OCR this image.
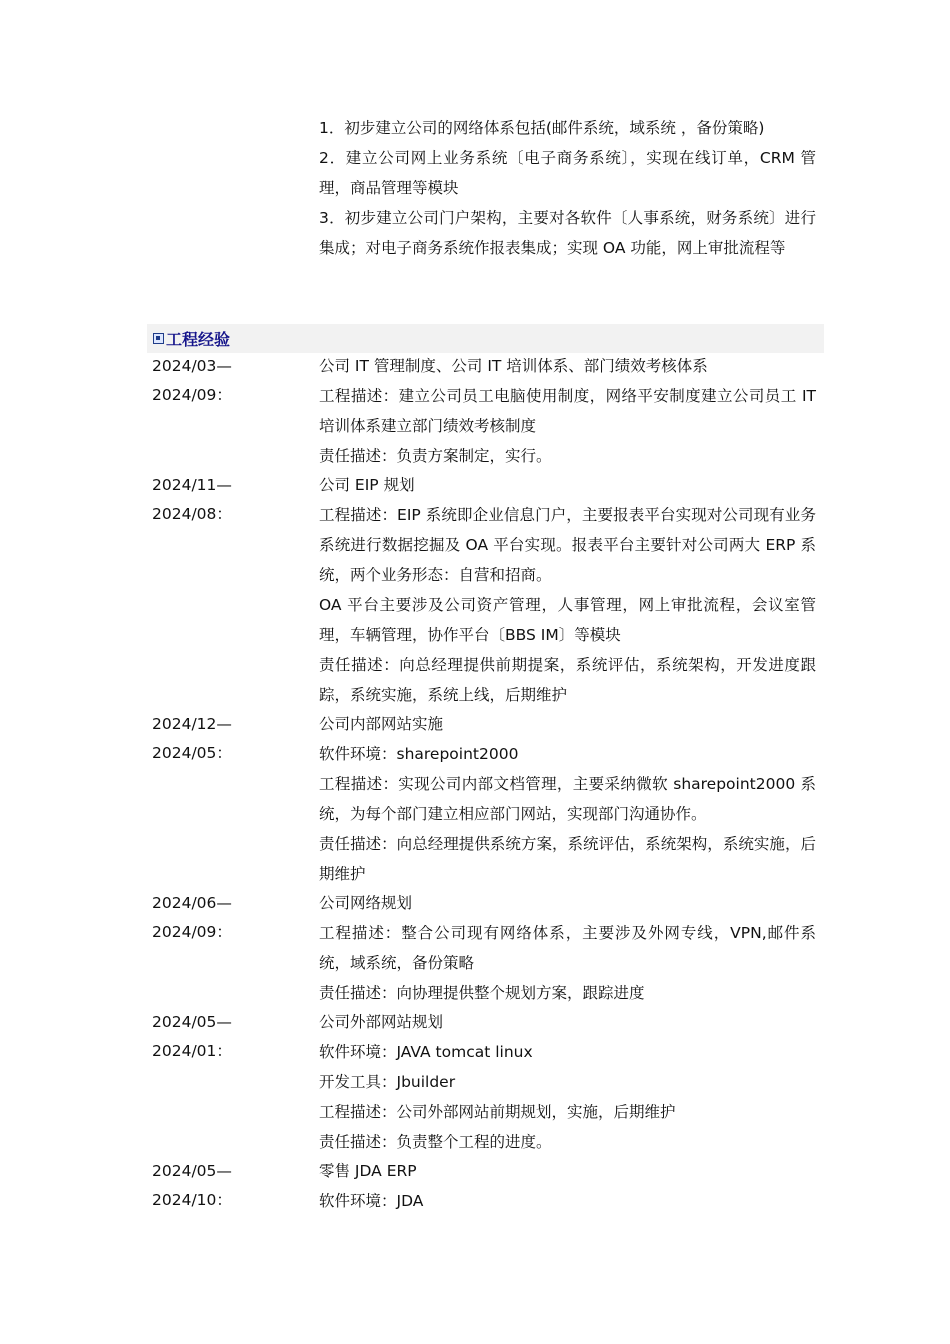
1．初步建立公司的网络体系包括(邮件系统，域系统 ，备份策略)

2．建立公司网上业务系统〔电子商务系统〕，实现在线订单，CRM 管理，商品管理等模块

3．初步建立公司门户架构，主要对各软件〔人事系统，财务系统〕进行集成；对电子商务系统作报表集成；实现 OA 功能，网上审批流程等

工程经验
2024/03—
2024/09：
公司 IT 管理制度、公司 IT 培训体系、部门绩效考核体系

工程描述：建立公司员工电脑使用制度，网络平安制度建立公司员工 IT 培训体系建立部门绩效考核制度

责任描述：负责方案制定，实行。

2024/11—
2024/08：
公司 EIP 规划

工程描述：EIP 系统即企业信息门户，主要报表平台实现对公司现有业务系统进行数据挖掘及 OA 平台实现。报表平台主要针对公司两大 ERP 系统，两个业务形态：自营和招商。

OA 平台主要涉及公司资产管理，人事管理，网上审批流程，会议室管理，车辆管理，协作平台〔BBS IM〕等模块

责任描述：向总经理提供前期提案，系统评估，系统架构，开发进度跟踪，系统实施，系统上线，后期维护

2024/12—
2024/05：
公司内部网站实施

软件环境：sharepoint2000

工程描述：实现公司内部文档管理，主要采纳微软 sharepoint2000 系统，为每个部门建立相应部门网站，实现部门沟通协作。

责任描述：向总经理提供系统方案，系统评估，系统架构，系统实施，后期维护

2024/06—
2024/09：
公司网络规划

工程描述：整合公司现有网络体系，主要涉及外网专线，VPN,邮件系统，域系统，备份策略

责任描述：向协理提供整个规划方案，跟踪进度

2024/05—
2024/01：
公司外部网站规划

软件环境：JAVA tomcat linux

开发工具：Jbuilder

工程描述：公司外部网站前期规划，实施，后期维护

责任描述：负责整个工程的进度。

2024/05—
2024/10：
零售 JDA ERP

软件环境：JDA
